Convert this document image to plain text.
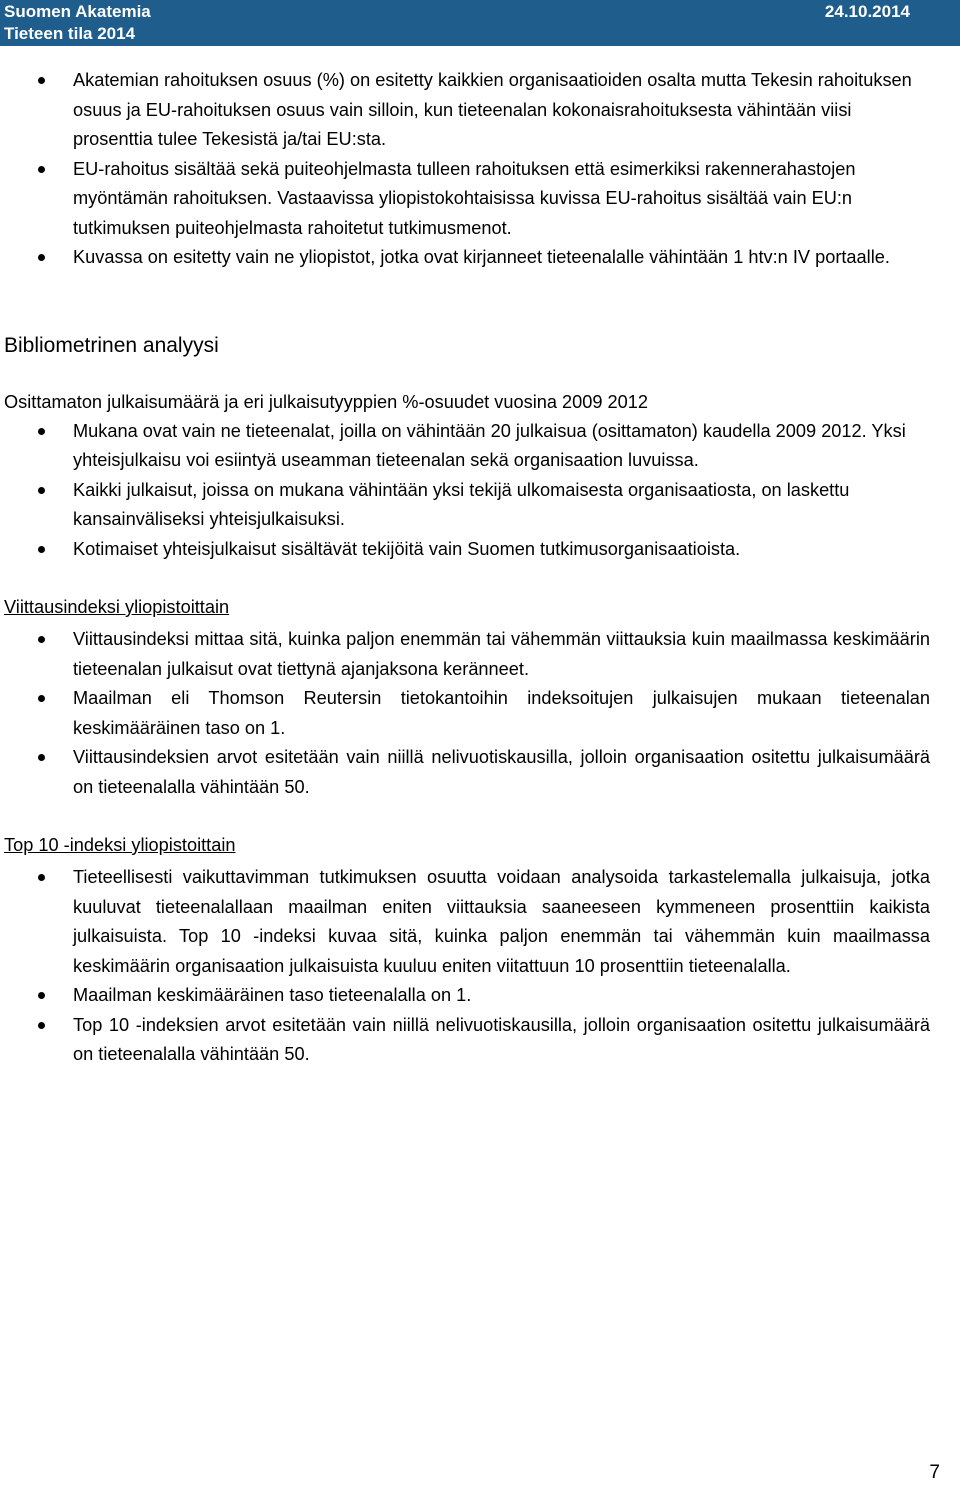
Suomen Akatemia
Tieteen tila 2014
24.10.2014
Akatemian rahoituksen osuus (%) on esitetty kaikkien organisaatioiden osalta mutta Tekesin rahoituksen osuus ja EU-rahoituksen osuus vain silloin, kun tieteenalan kokonaisrahoituksesta vähintään viisi prosenttia tulee Tekesistä ja/tai EU:sta.
EU-rahoitus sisältää sekä puiteohjelmasta tulleen rahoituksen että esimerkiksi rakennerahastojen myöntämän rahoituksen. Vastaavissa yliopistokohtaisissa kuvissa EU-rahoitus sisältää vain EU:n tutkimuksen puiteohjelmasta rahoitetut tutkimusmenot.
Kuvassa on esitetty vain ne yliopistot, jotka ovat kirjanneet tieteenalalle vähintään 1 htv:n IV portaalle.
Bibliometrinen analyysi
Osittamaton julkaisumäärä ja eri julkaisutyyppien %-osuudet vuosina 2009 2012
Mukana ovat vain ne tieteenalat, joilla on vähintään 20 julkaisua (osittamaton) kaudella 2009 2012. Yksi yhteisjulkaisu voi esiintyä useamman tieteenalan sekä organisaation luvuissa.
Kaikki julkaisut, joissa on mukana vähintään yksi tekijä ulkomaisesta organisaatiosta, on laskettu kansainväliseksi yhteisjulkaisuksi.
Kotimaiset yhteisjulkaisut sisältävät tekijöitä vain Suomen tutkimusorganisaatioista.
Viittausindeksi yliopistoittain
Viittausindeksi mittaa sitä, kuinka paljon enemmän tai vähemmän viittauksia kuin maailmassa keskimäärin tieteenalan julkaisut ovat tiettynä ajanjaksona keränneet.
Maailman eli Thomson Reutersin tietokantoihin indeksoitujen julkaisujen mukaan tieteenalan keskimääräinen taso on 1.
Viittausindeksien arvot esitetään vain niillä nelivuotiskausilla, jolloin organisaation ositettu julkaisumäärä on tieteenalalla vähintään 50.
Top 10 -indeksi yliopistoittain
Tieteellisesti vaikuttavimman tutkimuksen osuutta voidaan analysoida tarkastelemalla julkaisuja, jotka kuuluvat tieteenalallaan maailman eniten viittauksia saaneeseen kymmeneen prosenttiin kaikista julkaisuista. Top 10 -indeksi kuvaa sitä, kuinka paljon enemmän tai vähemmän kuin maailmassa keskimäärin organisaation julkaisuista kuuluu eniten viitattuun 10 prosenttiin tieteenalalla.
Maailman keskimääräinen taso tieteenalalla on 1.
Top 10 -indeksien arvot esitetään vain niillä nelivuotiskausilla, jolloin organisaation ositettu julkaisumäärä on tieteenalalla vähintään 50.
7
